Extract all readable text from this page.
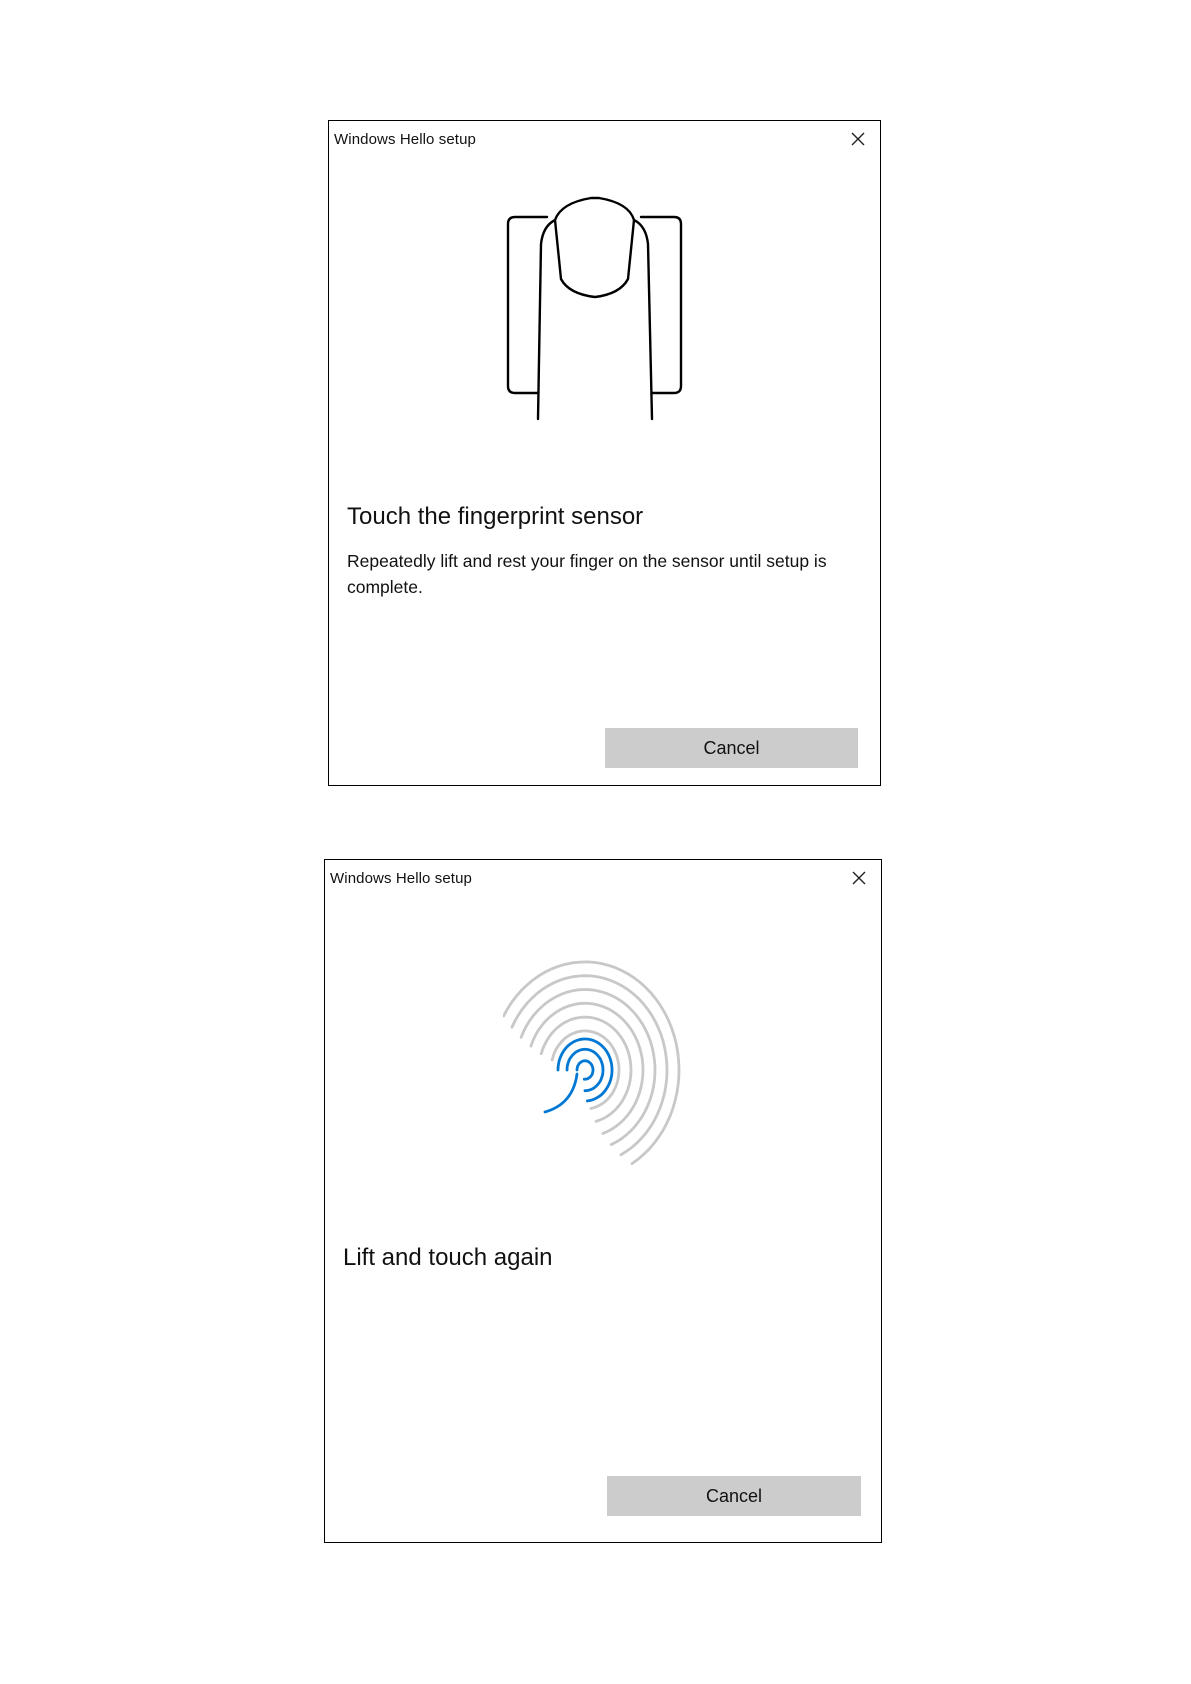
Windows Hello setup
Touch the fingerprint sensor
Repeatedly lift and rest your finger on the sensor until setup is complete.
Cancel
Windows Hello setup
Lift and touch again
Cancel
